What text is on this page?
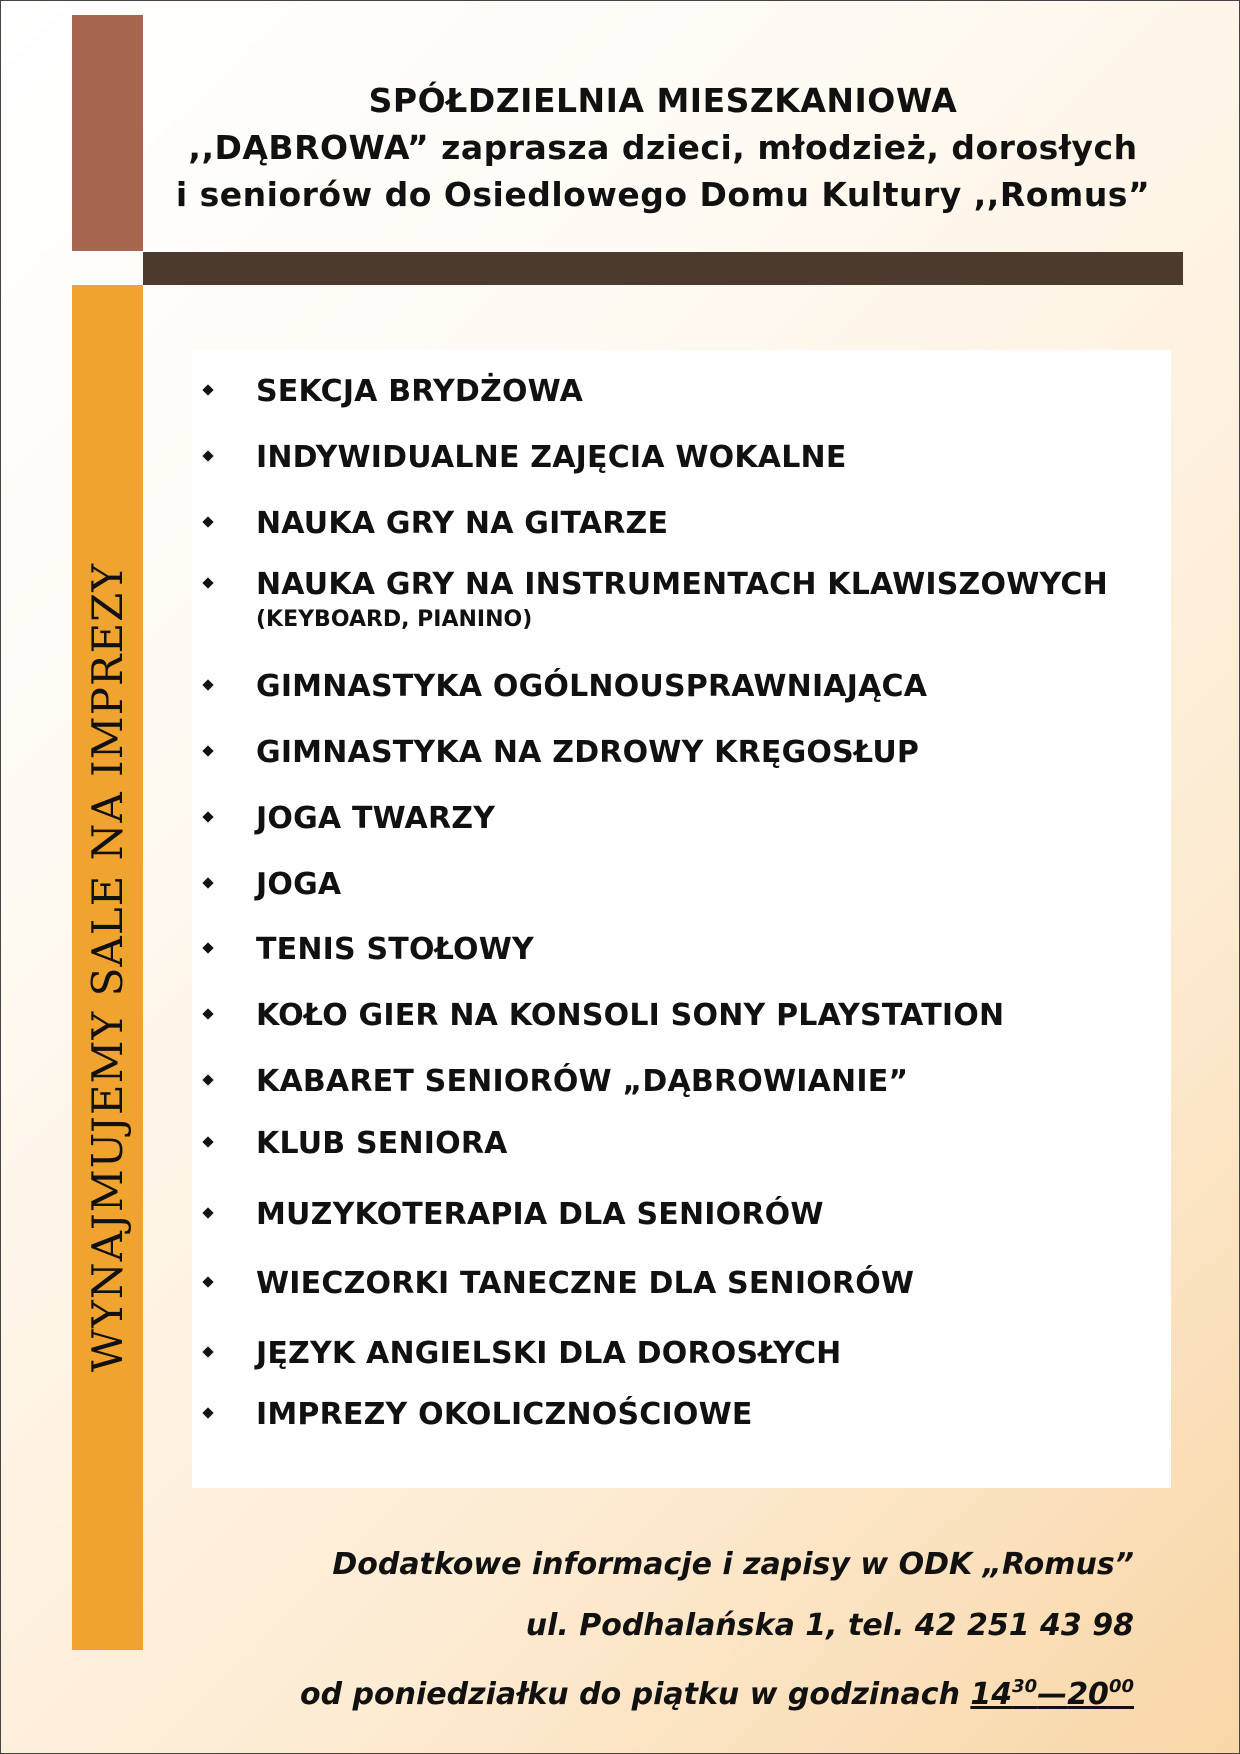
WYNAJMUJEMY SALE NA IMPREZY
SPÓŁDZIELNIA MIESZKANIOWA
,,DĄBROWA” zaprasza dzieci, młodzież, dorosłych
i seniorów do Osiedlowego Domu Kultury ,,Romus”
SEKCJA BRYDŻOWA
INDYWIDUALNE ZAJĘCIA WOKALNE
NAUKA GRY NA GITARZE
NAUKA GRY NA INSTRUMENTACH KLAWISZOWYCH
(KEYBOARD, PIANINO)
GIMNASTYKA OGÓLNOUSPRAWNIAJĄCA
GIMNASTYKA NA ZDROWY KRĘGOSŁUP
JOGA TWARZY
JOGA
TENIS STOŁOWY
KOŁO GIER NA KONSOLI SONY PLAYSTATION
KABARET SENIORÓW „DĄBROWIANIE”
KLUB SENIORA
MUZYKOTERAPIA DLA SENIORÓW
WIECZORKI TANECZNE DLA SENIORÓW
JĘZYK ANGIELSKI DLA DOROSŁYCH
IMPREZY OKOLICZNOŚCIOWE
Dodatkowe informacje i zapisy w ODK „Romus”
ul. Podhalańska 1, tel. 42 251 43 98
od poniedziałku do piątku w godzinach $14^{30}—20^{00}$
